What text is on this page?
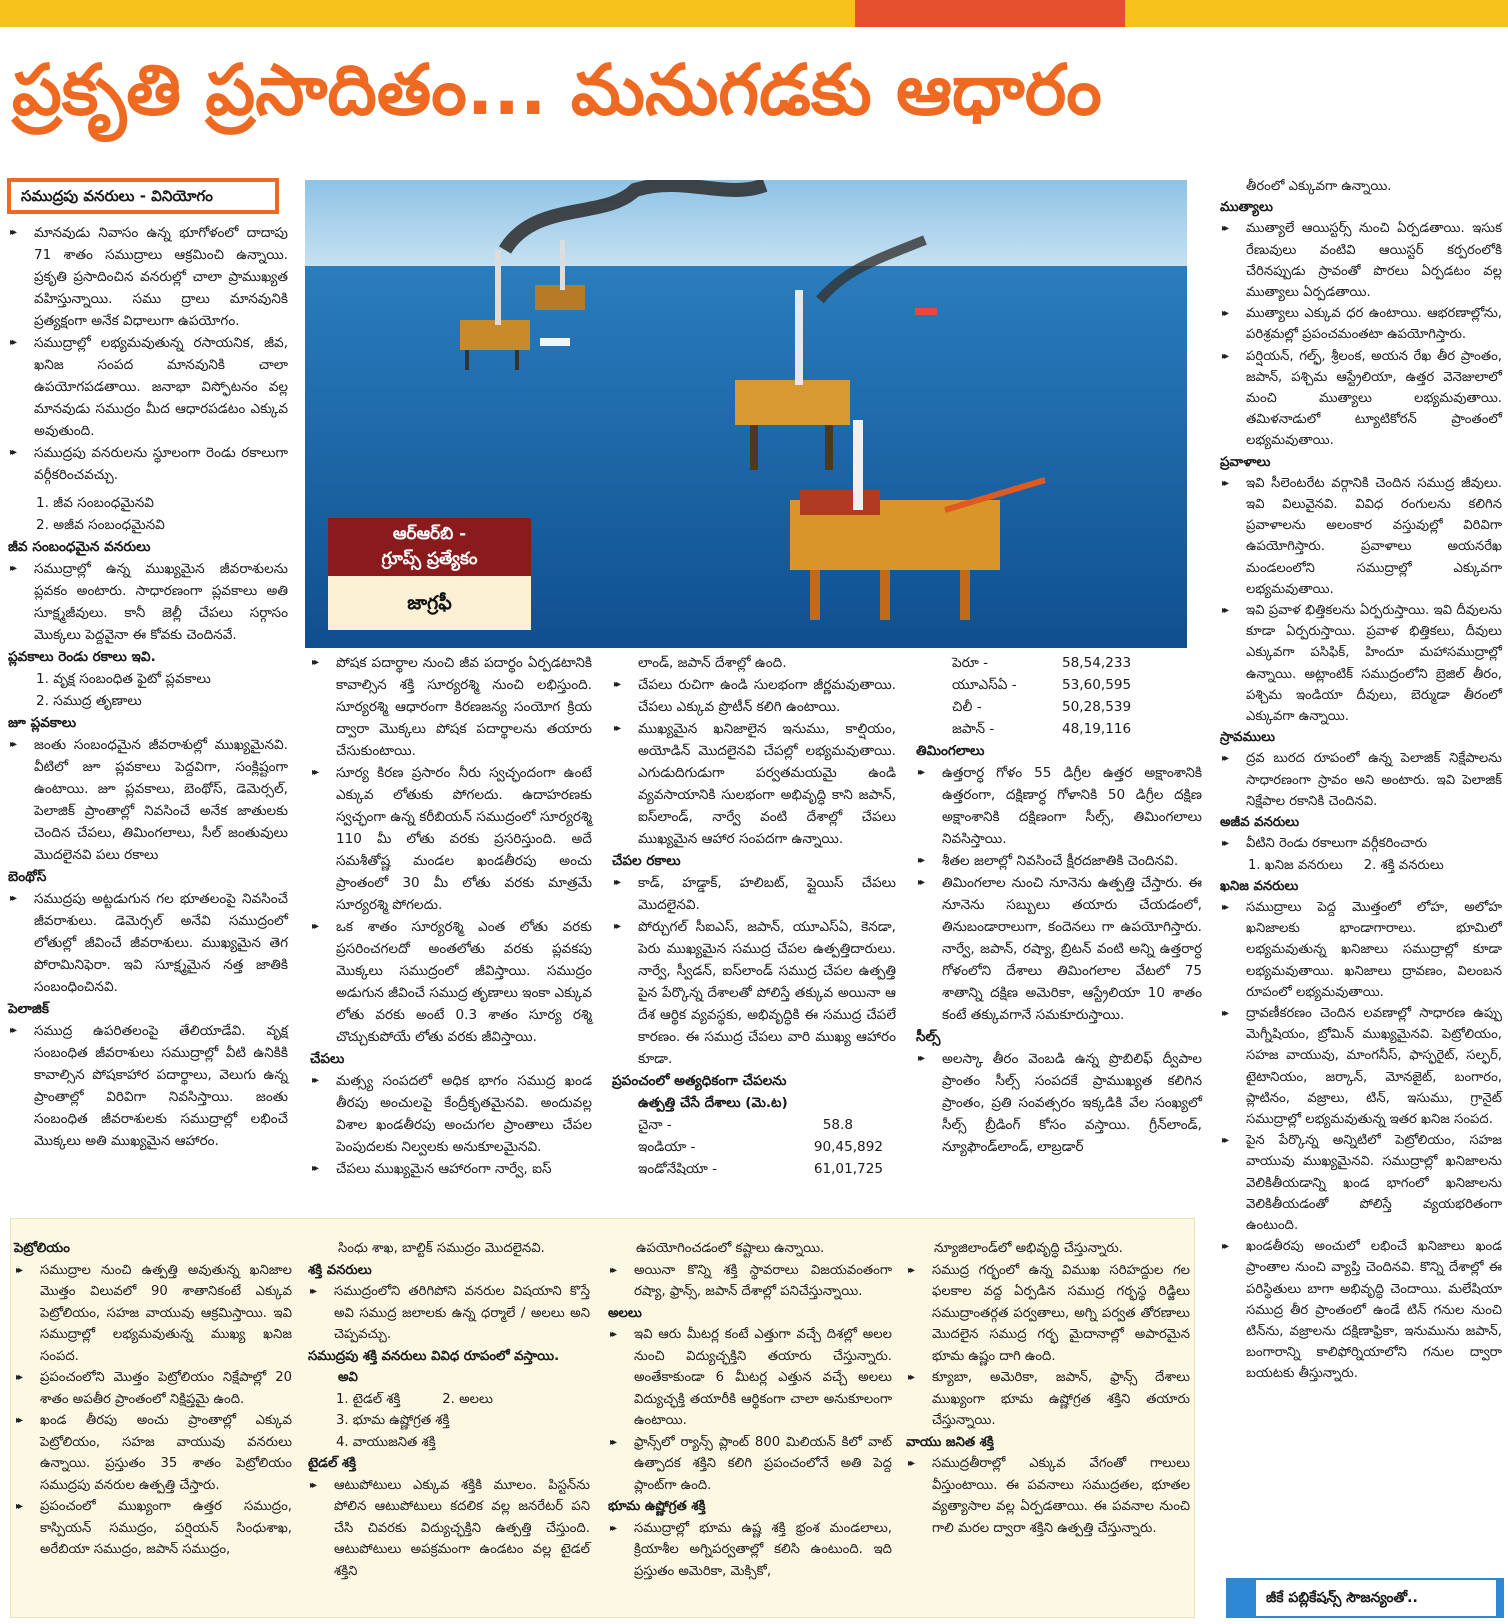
ప్రకృతి ప్రసాదితం... మనుగడకు ఆధారం
సముద్రపు వనరులు - వినియోగం
ఆర్‌ఆర్‌బి -
గ్రూప్స్ ప్రత్యేకం
జాగ్రఫీ

▸▸ మానవుడు నివాసం ఉన్న భూగోళంలో దాదాపు 71 శాతం సముద్రాలు ఆక్రమించి ఉన్నాయి. ప్రకృతి ప్రసాదించిన వనరుల్లో చాలా ప్రాముఖ్యత వహిస్తున్నాయి. సము ద్రాలు మానవునికి ప్రత్యక్షంగా అనేక విధాలుగా ఉపయోగం.

▸▸ సముద్రాల్లో లభ్యమవుతున్న రసాయనిక, జీవ, ఖనిజ సంపద మానవునికి చాలా ఉపయోగపడతాయి. జనాభా విస్ఫోటనం వల్ల మానవుడు సముద్రం మీద ఆధారపడటం ఎక్కువ అవుతుంది.

▸▸ సముద్రపు వనరులను స్థూలంగా రెండు రకాలుగా వర్గీకరించవచ్చు.

1. జీవ సంబంధమైనవి

2. అజీవ సంబంధమైనవి

జీవ సంబంధమైన వనరులు

▸▸ సముద్రాల్లో ఉన్న ముఖ్యమైన జీవరాశులను ప్లవకం అంటారు. సాధారణంగా ప్లవకాలు అతి సూక్ష్మజీవులు. కానీ జెల్లీ చేపలు సర్గాసం మొక్కలు పెద్దవైనా ఈ కోవకు చెందినవే.

ప్లవకాలు రెండు రకాలు ఇవి.

1. వృక్ష సంబంధిత ఫైటో ప్లవకాలు

2. సముద్ర తృణాలు

జూ ప్లవకాలు

▸▸ జంతు సంబంధమైన జీవరాశుల్లో ముఖ్యమైనవి. వీటిలో జూ ప్లవకాలు పెద్దవిగా, సంక్లిష్టంగా ఉంటాయి. జూ ప్లవకాలు, బెంథోస్, డెమెర్సల్, పెలాజిక్ ప్రాంతాల్లో నివసించే అనేక జాతులకు చెందిన చేపలు, తిమింగలాలు, సీల్ జంతువులు మొదలైనవి పలు రకాలు

బెంథోస్

▸▸ సముద్రపు అట్టడుగున గల భూతలంపై నివసించే జీవరాశులు. డెమెర్సల్ అనేవి సముద్రంలో లోతుల్లో జీవించే జీవరాశులు. ముఖ్యమైన తెగ పోరామినిఫెరా. ఇవి సూక్ష్మమైన నత్త జాతికి సంబంధించినవి.

పెలాజిక్

▸▸ సముద్ర ఉపరితలంపై తేలియాడేవి. వృక్ష సంబంధిత జీవరాశులు సముద్రాల్లో వీటి ఉనికికి కావాల్సిన పోషకాహార పదార్థాలు, వెలుగు ఉన్న ప్రాంతాల్లో విరివిగా నివసిస్తాయి. జంతు సంబంధిత జీవరాశులకు సముద్రాల్లో లభించే మొక్కలు అతి ముఖ్యమైన ఆహారం.

▸▸ పోషక పదార్థాల నుంచి జీవ పదార్థం ఏర్పడటానికి కావాల్సిన శక్తి సూర్యరశ్మి నుంచి లభిస్తుంది. సూర్యరశ్మి ఆధారంగా కిరణజన్య సంయోగ క్రియ ద్వారా మొక్కలు పోషక పదార్థాలను తయారు చేసుకుంటాయి.

▸▸ సూర్య కిరణ ప్రసారం నీరు స్వచ్ఛందంగా ఉంటే ఎక్కువ లోతుకు పోగలదు. ఉదాహరణకు స్వచ్ఛంగా ఉన్న కరీబియన్ సముద్రంలో సూర్యరశ్మి 110 మీ లోతు వరకు ప్రసరిస్తుంది. అదే సమశీతోష్ణ మండల ఖండతీరపు అంచు ప్రాంతంలో 30 మీ లోతు వరకు మాత్రమే సూర్యరశ్మి పోగలదు.

▸▸ ఒక శాతం సూర్యరశ్మి ఎంత లోతు వరకు ప్రసరించగలదో అంతలోతు వరకు ప్లవకపు మొక్కలు సముద్రంలో జీవిస్తాయి. సముద్రం అడుగున జీవించే సముద్ర తృణాలు ఇంకా ఎక్కువ లోతు వరకు అంటే 0.3 శాతం సూర్య రశ్మి చొచ్చుకుపోయే లోతు వరకు జీవిస్తాయి.

చేపలు

▸▸ మత్స్య సంపదలో అధిక భాగం సముద్ర ఖండ తీరపు అంచులపై కేంద్రీకృతమైనవి. అందువల్ల విశాల ఖండతీరపు అంచుగల ప్రాంతాలు చేపల పెంపుదలకు నిల్వలకు అనుకూలమైనవి.

▸▸ చేపలు ముఖ్యమైన ఆహారంగా నార్వే, ఐస్

లాండ్, జపాన్ దేశాల్లో ఉంది.

▸▸ చేపలు రుచిగా ఉండి సులభంగా జీర్ణమవుతాయి. చేపలు ఎక్కువ ప్రొటీన్ కలిగి ఉంటాయి.

▸▸ ముఖ్యమైన ఖనిజాలైన ఇనుము, కాల్షియం, అయోడిన్ మొదలైనవి చేపల్లో లభ్యమవుతాయి. ఎగుడుదిగుడుగా పర్వతమయమై ఉండి వ్యవసాయానికి సులభంగా అభివృద్ధి కాని జపాన్, ఐస్‌లాండ్, నార్వే వంటి దేశాల్లో చేపలు ముఖ్యమైన ఆహార సంపదగా ఉన్నాయి.

చేపల రకాలు

▸▸ కాడ్, హడ్డాక్, హలిబట్, ప్లైయిస్ చేపలు మొదలైనవి.

▸▸ పోర్చుగల్ సీఐఎస్, జపాన్, యూఎస్ఏ, కెనడా, పెరు ముఖ్యమైన సముద్ర చేపల ఉత్పత్తిదారులు. నార్వే, స్వీడన్, ఐస్‌లాండ్ సముద్ర చేపల ఉత్పత్తి పైన పేర్కొన్న దేశాలతో పోలిస్తే తక్కువ అయినా ఆ దేశ ఆర్థిక వ్యవస్థకు, అభివృద్ధికి ఈ సముద్ర చేపలే కారణం. ఈ సముద్ర చేపలు వారి ముఖ్య ఆహారం కూడా.

ప్రపంచంలో అత్యధికంగా చేపలను

ఉత్పత్తి చేసే దేశాలు (మె.ట)

చైనా -	58.8
ఇండియా -	90,45,892
ఇండోనేషియా -	61,01,725
పెరూ -	58,54,233
యూఎస్ఏ -	53,60,595
చిలీ -	50,28,539
జపాన్ -	48,19,116

తిమింగలాలు

▸▸ ఉత్తరార్ధ గోళం 55 డిగ్రీల ఉత్తర అక్షాంశానికి ఉత్తరంగా, దక్షిణార్ధ గోళానికి 50 డిగ్రీల దక్షిణ అక్షాంశానికి దక్షిణంగా సీల్స్, తిమింగలాలు నివసిస్తాయి.

▸▸ శీతల జలాల్లో నివసించే క్షీరదజాతికి చెందినవి.

▸▸ తిమింగలాల నుంచి నూనెను ఉత్పత్తి చేస్తారు. ఈ నూనెను సబ్బులు తయారు చేయడంలో, తినుబండారాలుగా, కందెనలు గా ఉపయోగిస్తారు. నార్వే, జపాన్, రష్యా, బ్రిటన్ వంటి అన్ని ఉత్తరార్ధ గోళంలోని దేశాలు తిమింగలాల వేటలో 75 శాతాన్ని దక్షిణ అమెరికా, ఆస్ట్రేలియా 10 శాతం కంటే తక్కువగానే సమకూరుస్తాయి.

సీల్స్

▸▸ అలస్కా తీరం వెంబడి ఉన్న ప్రొబిలిఫ్ ద్వీపాల ప్రాంతం సీల్స్ సంపదకే ప్రాముఖ్యత కలిగిన ప్రాంతం, ప్రతి సంవత్సరం ఇక్కడికి వేల సంఖ్యలో సీల్స్ బ్రీడింగ్ కోసం వస్తాయి. గ్రీన్‌లాండ్, న్యూఫౌండ్‌లాండ్, లాబ్రడార్

తీరంలో ఎక్కువగా ఉన్నాయి.

ముత్యాలు

▸▸ ముత్యాలే ఆయిస్టర్స్ నుంచి ఏర్పడతాయి. ఇసుక రేణువులు వంటివి ఆయిస్టర్ కర్పరంలోకి చేరినప్పుడు స్రావంతో పొరలు ఏర్పడటం వల్ల ముత్యాలు ఏర్పడతాయి.

▸▸ ముత్యాలు ఎక్కువ ధర ఉంటాయి. ఆభరణాల్లోను, పరిశ్రమల్లో ప్రపంచమంతటా ఉపయోగిస్తారు.

▸▸ పర్షియన్, గల్ఫ్, శ్రీలంక, అయన రేఖ తీర ప్రాంతం, జపాన్, పశ్చిమ ఆస్ట్రేలియా, ఉత్తర వెనెజులాలో మంచి ముత్యాలు లభ్యమవుతాయి. తమిళనాడులో ట్యూటికోరన్ ప్రాంతంలో లభ్యమవుతాయి.

ప్రవాళాలు

▸▸ ఇవి సీలెంటరేట వర్గానికి చెందిన సముద్ర జీవులు. ఇవి విలువైనవి. వివిధ రంగులను కలిగిన ప్రవాళాలను అలంకార వస్తువుల్లో విరివిగా ఉపయోగిస్తారు. ప్రవాళాలు అయనరేఖ మండలంలోని సముద్రాల్లో ఎక్కువగా లభ్యమవుతాయి.

▸▸ ఇవి ప్రవాళ భిత్తికలను ఏర్పరుస్తాయి. ఇవి దీవులను కూడా ఏర్పరుస్తాయి. ప్రవాళ భిత్తికలు, దీవులు ఎక్కువగా పసిఫిక్, హిందూ మహాసముద్రాల్లో ఉన్నాయి. అట్లాంటిక్ సముద్రంలోని బ్రెజిల్ తీరం, పశ్చిమ ఇండియా దీవులు, బెర్ముడా తీరంలో ఎక్కువగా ఉన్నాయి.

స్రావములు

▸▸ ద్రవ బురద రూపంలో ఉన్న పెలాజిక్ నిక్షేపాలను సాధారణంగా స్రావం అని అంటారు. ఇవి పెలాజిక్ నిక్షేపాల రకానికి చెందినవి.

అజీవ వనరులు

▸▸ వీటిని రెండు రకాలుగా వర్గీకరించారు

1. ఖనిజ వనరులు     2. శక్తి వనరులు

ఖనిజ వనరులు

▸▸ సముద్రాలు పెద్ద మొత్తంలో లోహ, అలోహ ఖనిజాలకు భాండాగారాలు. భూమిలో లభ్యమవుతున్న ఖనిజాలు సముద్రాల్లో కూడా లభ్యమవుతాయి. ఖనిజాలు ద్రావణం, విలంబన రూపంలో లభ్యమవుతాయి.

▸▸ ద్రావణీకరణం చెందిన లవణాల్లో సాధారణ ఉప్పు మెగ్నీషియం, బ్రోమిన్ ముఖ్యమైనవి. పెట్రోలియం, సహజ వాయువు, మాంగనీస్, ఫాస్ఫరైట్, సల్ఫర్, టైటానియం, జర్కాన్, మోనజైట్, బంగారం, ప్లాటినం, వజ్రాలు, టిన్, ఇసుము, గ్రానైట్ సముద్రాల్లో లభ్యమవుతున్న ఇతర ఖనిజ సంపద.

▸▸ పైన పేర్కొన్న అన్నిటిలో పెట్రోలియం, సహజ వాయువు ముఖ్యమైనవి. సముద్రాల్లో ఖనిజాలను వెలికితీయడాన్ని ఖండ భాగంలో ఖనిజాలను వెలికితీయడంతో పోలిస్తే వ్యయభరితంగా ఉంటుంది.

▸▸ ఖండతీరపు అంచులో లభించే ఖనిజాలు ఖండ ప్రాంతాల నుంచి వ్యాప్తి చెందినవి. కొన్ని దేశాల్లో ఈ పరిస్థితులు బాగా అభివృద్ధి చెందాయి. మలేషియా సముద్ర తీర ప్రాంతంలో ఉండే టిన్ గనుల నుంచి టిన్‌ను, వజ్రాలను దక్షిణాఫ్రికా, ఇనుమును జపాన్, బంగారాన్ని కాలిఫోర్నియాలోని గనుల ద్వారా బయటకు తీస్తున్నారు.

పెట్రోలియం

▸▸ సముద్రాల నుంచి ఉత్పత్తి అవుతున్న ఖనిజాల మొత్తం విలువలో 90 శాతానికంటే ఎక్కువ పెట్రోలియం, సహజ వాయువు ఆక్రమిస్తాయి. ఇవి సముద్రాల్లో లభ్యమవుతున్న ముఖ్య ఖనిజ సంపద.

▸▸ ప్రపంచంలోని మొత్తం పెట్రోలియం నిక్షేపాల్లో 20 శాతం అపతీర ప్రాంతంలో నిక్షిప్తమై ఉంది.

▸▸ ఖండ తీరపు అంచు ప్రాంతాల్లో ఎక్కువ పెట్రోలియం, సహజ వాయువు వనరులు ఉన్నాయి. ప్రస్తుతం 35 శాతం పెట్రోలియం సముద్రపు వనరుల ఉత్పత్తి చేస్తారు.

▸▸ ప్రపంచంలో ముఖ్యంగా ఉత్తర సముద్రం, కాస్పియన్ సముద్రం, పర్షియన్ సింధుశాఖ, అరేబియా సముద్రం, జపాన్ సముద్రం,

సింధు శాఖ, బాల్టిక్ సముద్రం మొదలైనవి.

శక్తి వనరులు

▸▸ సముద్రంలోని తరిగిపోని వనరుల విషయాని కొస్తే అవి సముద్ర జలాలకు ఉన్న ధర్మాలే / అలలు అని చెప్పవచ్చు.

సముద్రపు శక్తి వనరులు వివిధ రూపంలో వస్తాయి.

అవి

1. టైడల్ శక్తి          2. అలలు

3. భూమ ఉష్ణోగ్రత శక్తి

4. వాయుజనిత శక్తి

టైడల్ శక్తి

▸▸ ఆటుపోటులు ఎక్కువ శక్తికి మూలం. పిస్టన్‌ను పోలిన ఆటుపోటులు కదలిక వల్ల జనరేటర్ పని చేసి చివరకు విద్యుచ్ఛక్తిని ఉత్పత్తి చేస్తుంది. ఆటుపోటులు అపక్రమంగా ఉండటం వల్ల టైడల్ శక్తిని

ఉపయోగించడంలో కష్టాలు ఉన్నాయి.

▸▸ అయినా కొన్ని శక్తి స్థావరాలు విజయవంతంగా రష్యా, ఫ్రాన్స్, జపాన్ దేశాల్లో పనిచేస్తున్నాయి.

అలలు

▸▸ ఇవి ఆరు మీటర్ల కంటే ఎత్తుగా వచ్చే దిశల్లో అలల నుంచి విద్యుచ్ఛక్తిని తయారు చేస్తున్నారు. అంతేకాకుండా 6 మీటర్ల ఎత్తున వచ్చే అలలు విద్యుచ్ఛక్తి తయారీకి ఆర్థికంగా చాలా అనుకూలంగా ఉంటాయి.

▸▸ ఫ్రాన్స్‌లో ర్యాన్స్ ప్లాంట్ 800 మిలియన్ కిలో వాట్ ఉత్పాదక శక్తిని కలిగి ప్రపంచంలోనే అతి పెద్ద ప్లాంట్‌గా ఉంది.

భూమ ఉష్ణోగ్రత శక్తి

▸▸ సముద్రాల్లో భూమ ఉష్ణ శక్తి భ్రంశ మండలాలు, క్రియాశీల అగ్నిపర్వతాల్లో కలిసి ఉంటుంది. ఇది ప్రస్తుతం అమెరికా, మెక్సికో,

న్యూజిలాండ్‌లో అభివృద్ధి చేస్తున్నారు.

▸▸ సముద్ర గర్భంలో ఉన్న విముఖ సరిహద్దుల గల ఫలకాల వద్ద ఏర్పడిన సముద్ర గర్భస్థ రిడ్జిలు సముద్రాంతర్గత పర్వతాలు, అగ్ని పర్వత తోరణాలు మొదలైన సముద్ర గర్భ మైదానాల్లో అపారమైన భూమ ఉష్ణం దాగి ఉంది.

▸▸ క్యూబా, అమెరికా, జపాన్, ఫ్రాన్స్ దేశాలు ముఖ్యంగా భూమ ఉష్ణోగ్రత శక్తిని తయారు చేస్తున్నాయి.

వాయు జనిత శక్తి

▸▸ సముద్రతీరాల్లో ఎక్కువ వేగంతో గాలులు వీస్తుంటాయి. ఈ పవనాలు సముద్రతల, భూతల వ్యత్యాసాల వల్ల ఏర్పడతాయి. ఈ పవనాల నుంచి గాలి మరల ద్వారా శక్తిని ఉత్పత్తి చేస్తున్నారు.

జీకే పబ్లికేషన్స్ సౌజన్యంతో..
